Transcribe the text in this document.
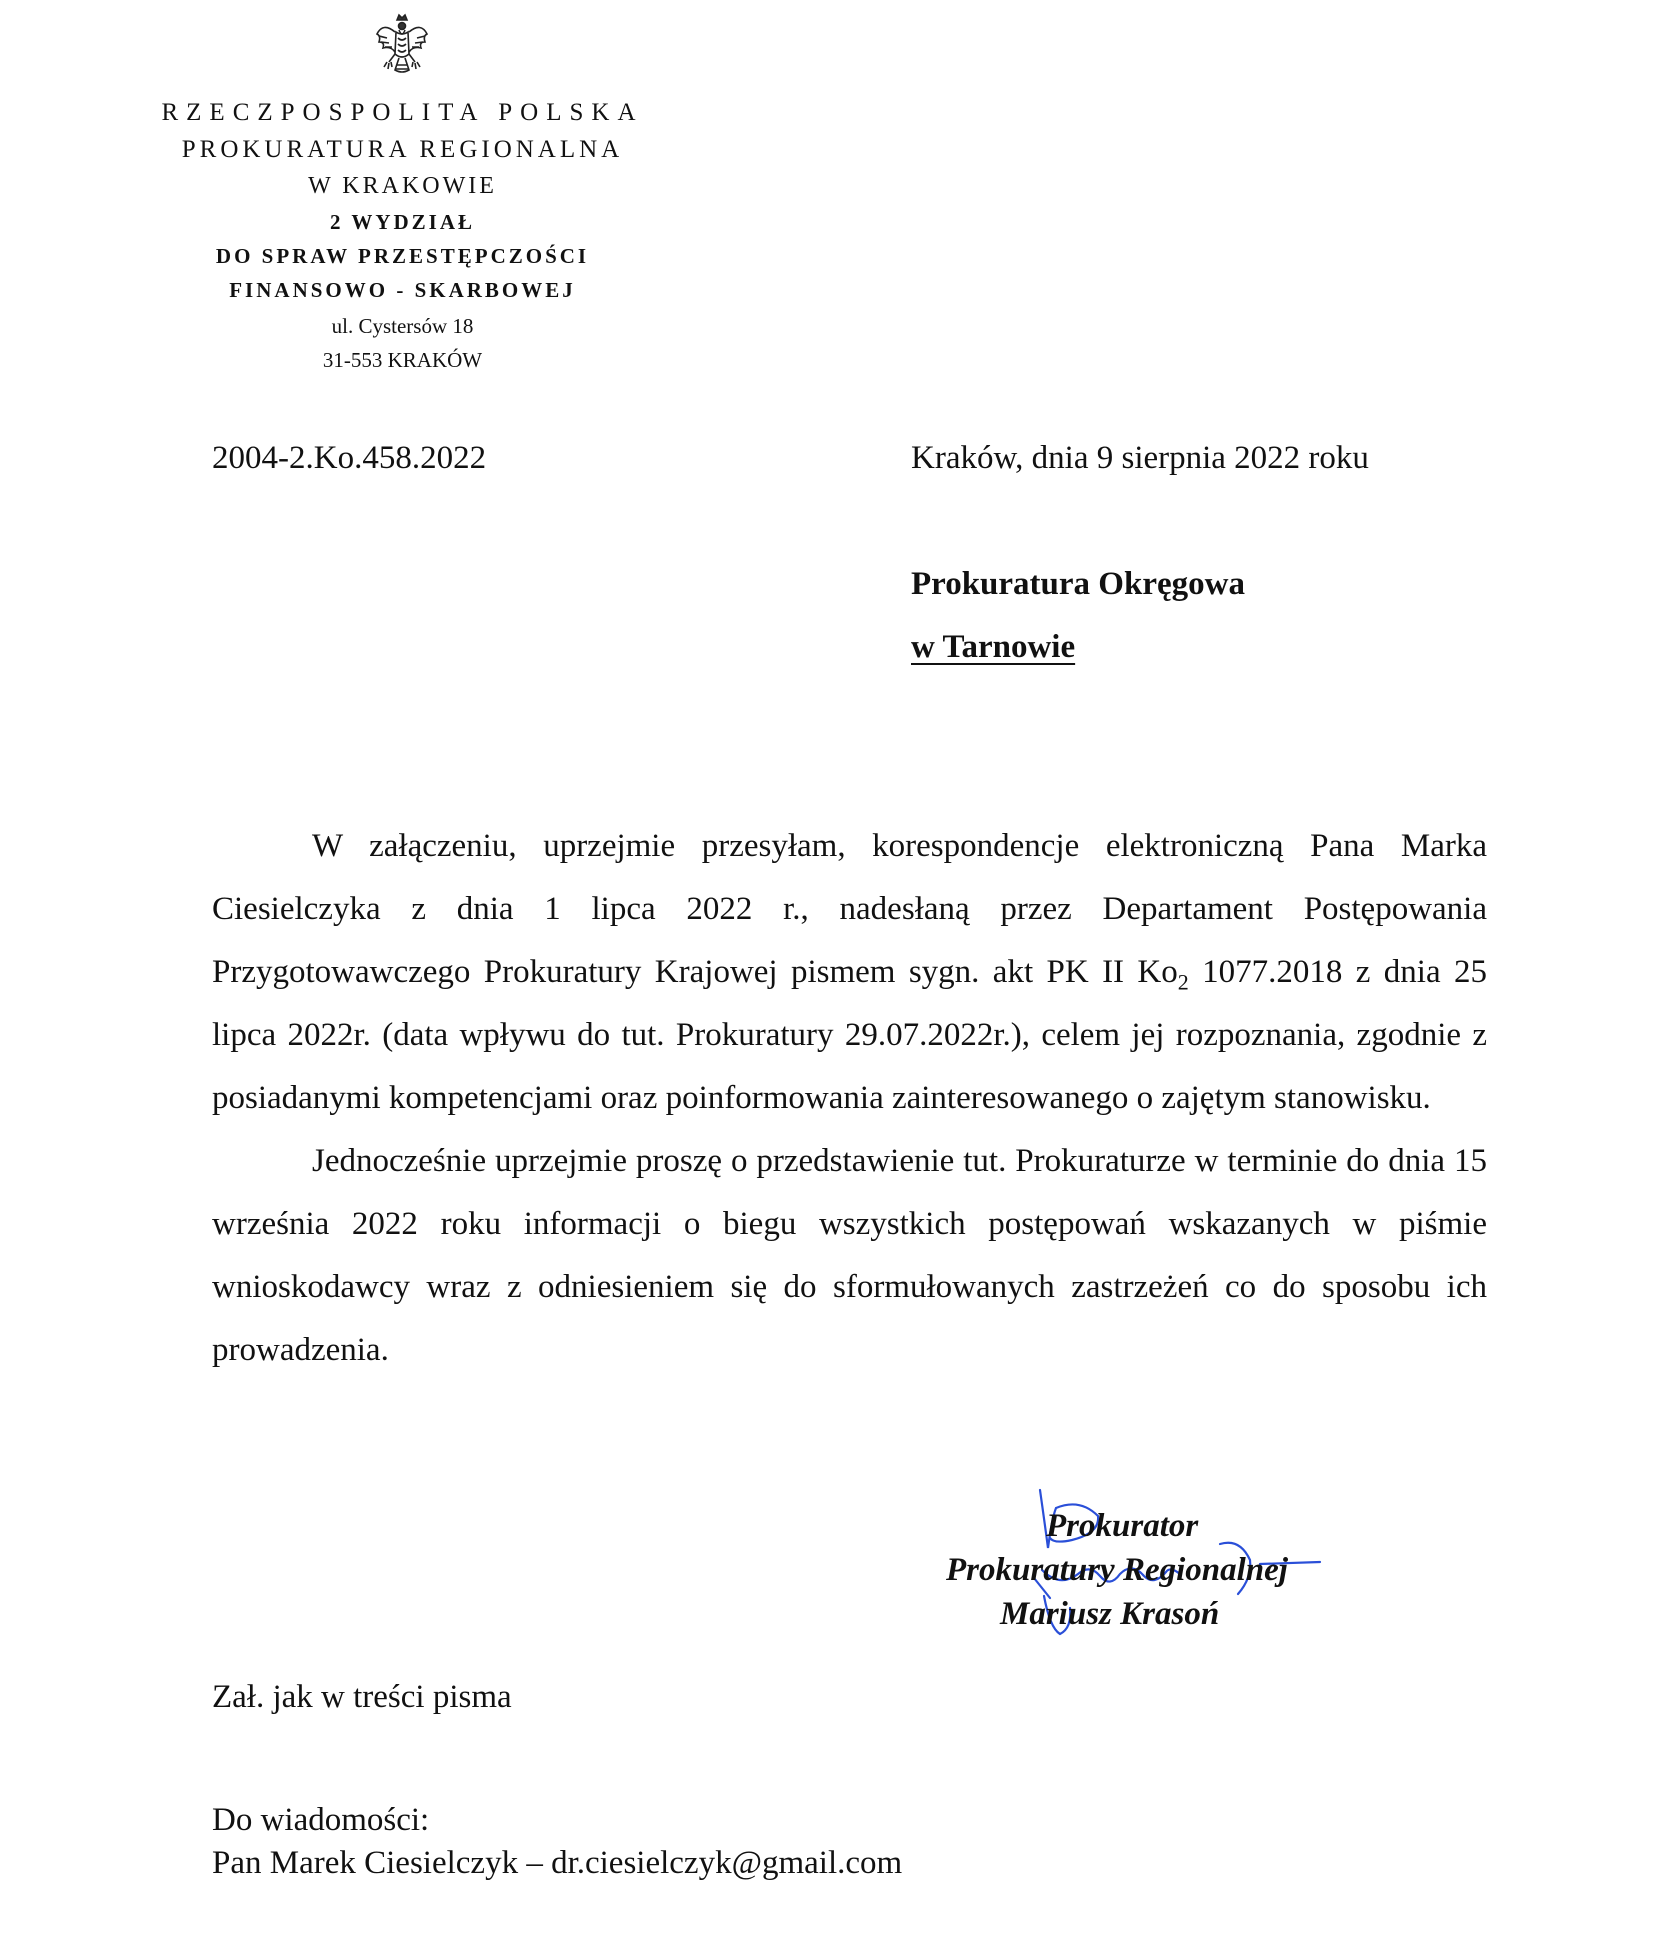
RZECZPOSPOLITA POLSKA
PROKURATURA REGIONALNA
W KRAKOWIE
2 WYDZIAŁ
DO SPRAW PRZESTĘPCZOŚCI
FINANSOWO - SKARBOWEJ
ul. Cystersów 18
31-553 KRAKÓW
2004-2.Ko.458.2022	Kraków, dnia 9 sierpnia 2022 roku
Prokuratura Okręgowa
w Tarnowie

W załączeniu, uprzejmie przesyłam, korespondencje elektroniczną Pana Marka Ciesielczyka z dnia 1 lipca 2022 r., nadesłaną przez Departament Postępowania Przygotowawczego Prokuratury Krajowej pismem sygn. akt PK II $Ko_2$ 1077.2018 z dnia 25 lipca 2022r. (data wpływu do tut. Prokuratury 29.07.2022r.), celem jej rozpoznania, zgodnie z posiadanymi kompetencjami oraz poinformowania zainteresowanego o zajętym stanowisku.

Jednocześnie uprzejmie proszę o przedstawienie tut. Prokuraturze w terminie do dnia 15 września 2022 roku informacji o biegu wszystkich postępowań wskazanych w piśmie wnioskodawcy wraz z odniesieniem się do sformułowanych zastrzeżeń co do sposobu ich prowadzenia.

Prokurator
Prokuratury Regionalnej
Mariusz Krasoń
Zał. jak w treści pisma
Do wiadomości:
Pan Marek Ciesielczyk – dr.ciesielczyk@gmail.com
